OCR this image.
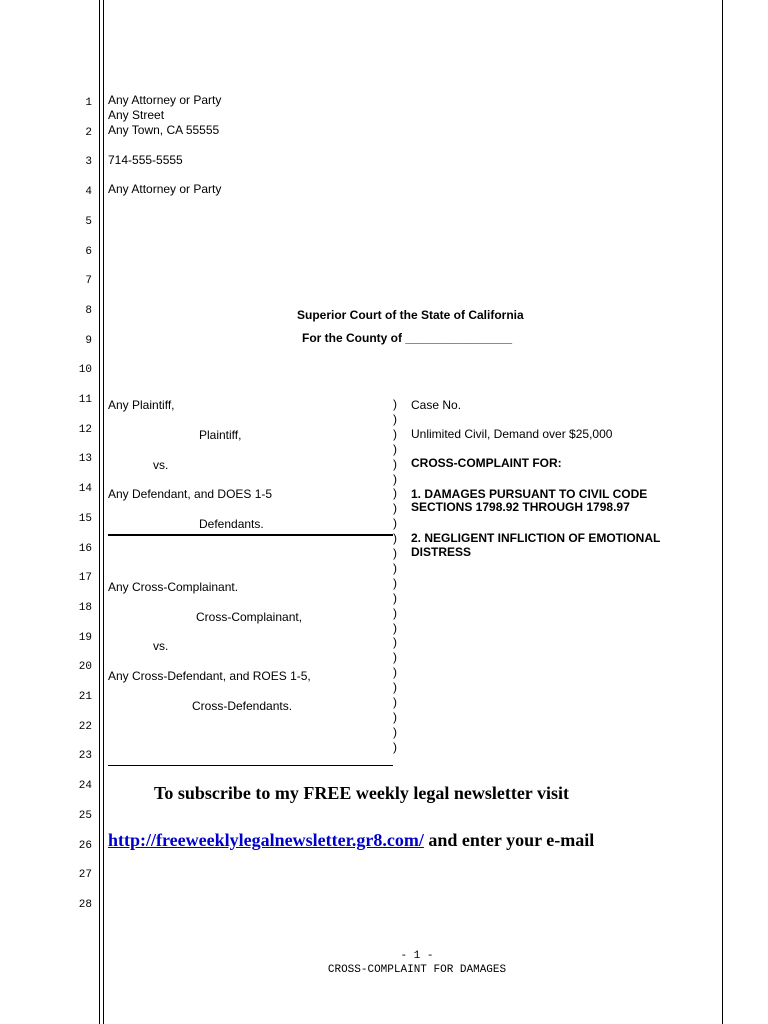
1
2
3
4
5
6
7
8
9
10
11
12
13
14
15
16
17
18
19
20
21
22
23
24
25
26
27
28
Any Attorney or Party
Any Street
Any Town, CA 55555
714-555-5555
Any Attorney or Party
Superior Court of the State of California
For the County of ________________
Any Plaintiff,
Plaintiff,
vs.
Any Defendant, and DOES 1-5
Defendants.
Any Cross-Complainant.
Cross-Complainant,
vs.
Any Cross-Defendant, and ROES 1-5,
Cross-Defendants.
)
)
)
)
)
)
)
)
)
)
)
)
)
)
)
)
)
)
)
)
)
)
)
)
Case No.
Unlimited Civil, Demand over $25,000
CROSS-COMPLAINT FOR:
1. DAMAGES PURSUANT TO CIVIL CODE
SECTIONS 1798.92 THROUGH 1798.97
2. NEGLIGENT INFLICTION OF EMOTIONAL
DISTRESS
To subscribe to my FREE weekly legal newsletter visit
http://freeweeklylegalnewsletter.gr8.com/ and enter your e-mail
- 1 -
CROSS-COMPLAINT FOR DAMAGES
